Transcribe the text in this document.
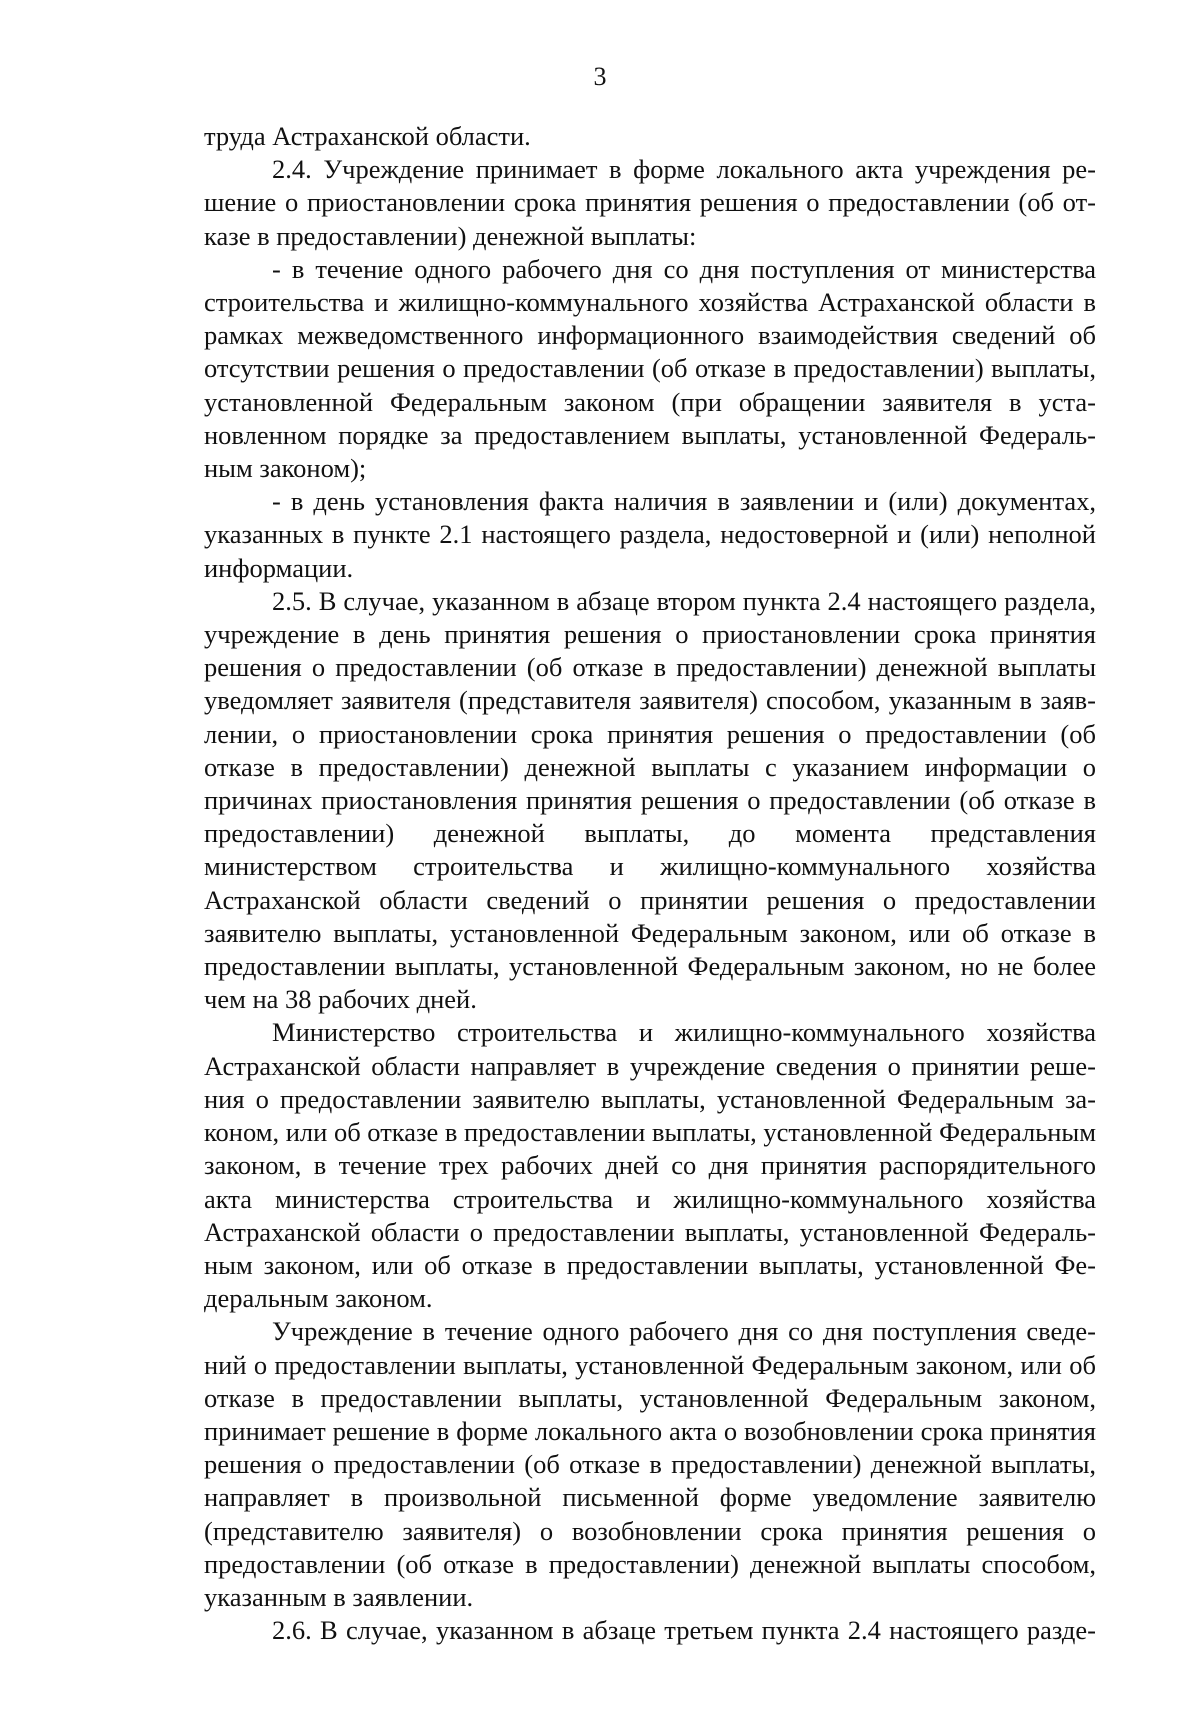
3

труда Астраханской области.

2.4. Учреждение принимает в форме локального акта учреждения решение о приостановлении срока принятия решения о предоставлении (об отказе в предоставлении) денежной выплаты:

- в течение одного рабочего дня со дня поступления от министерства строительства и жилищно-коммунального хозяйства Астраханской области в рамках межведомственного информационного взаимодействия сведений об отсутствии решения о предоставлении (об отказе в предоставлении) выплаты, установленной Федеральным законом (при обращении заявителя в установленном порядке за предоставлением выплаты, установленной Федеральным законом);

- в день установления факта наличия в заявлении и (или) документах, указанных в пункте 2.1 настоящего раздела, недостоверной и (или) неполной информации.

2.5. В случае, указанном в абзаце втором пункта 2.4 настоящего раздела, учреждение в день принятия решения о приостановлении срока принятия решения о предоставлении (об отказе в предоставлении) денежной выплаты уведомляет заявителя (представителя заявителя) способом, указанным в заявлении, о приостановлении срока принятия решения о предоставлении (об отказе в предоставлении) денежной выплаты с указанием информации о причинах приостановления принятия решения о предоставлении (об отказе в предоставлении) денежной выплаты, до момента представления министерством строительства и жилищно-коммунального хозяйства Астраханской области сведений о принятии решения о предоставлении заявителю выплаты, установленной Федеральным законом, или об отказе в предоставлении выплаты, установленной Федеральным законом, но не более чем на 38 рабочих дней.

Министерство строительства и жилищно-коммунального хозяйства Астраханской области направляет в учреждение сведения о принятии решения о предоставлении заявителю выплаты, установленной Федеральным законом, или об отказе в предоставлении выплаты, установленной Федеральным законом, в течение трех рабочих дней со дня принятия распорядительного акта министерства строительства и жилищно-коммунального хозяйства Астраханской области о предоставлении выплаты, установленной Федеральным законом, или об отказе в предоставлении выплаты, установленной Федеральным законом.

Учреждение в течение одного рабочего дня со дня поступления сведений о предоставлении выплаты, установленной Федеральным законом, или об отказе в предоставлении выплаты, установленной Федеральным законом, принимает решение в форме локального акта о возобновлении срока принятия решения о предоставлении (об отказе в предоставлении) денежной выплаты, направляет в произвольной письменной форме уведомление заявителю (представителю заявителя) о возобновлении срока принятия решения о предоставлении (об отказе в предоставлении) денежной выплаты способом, указанным в заявлении.

2.6. В случае, указанном в абзаце третьем пункта 2.4 настоящего разде-
